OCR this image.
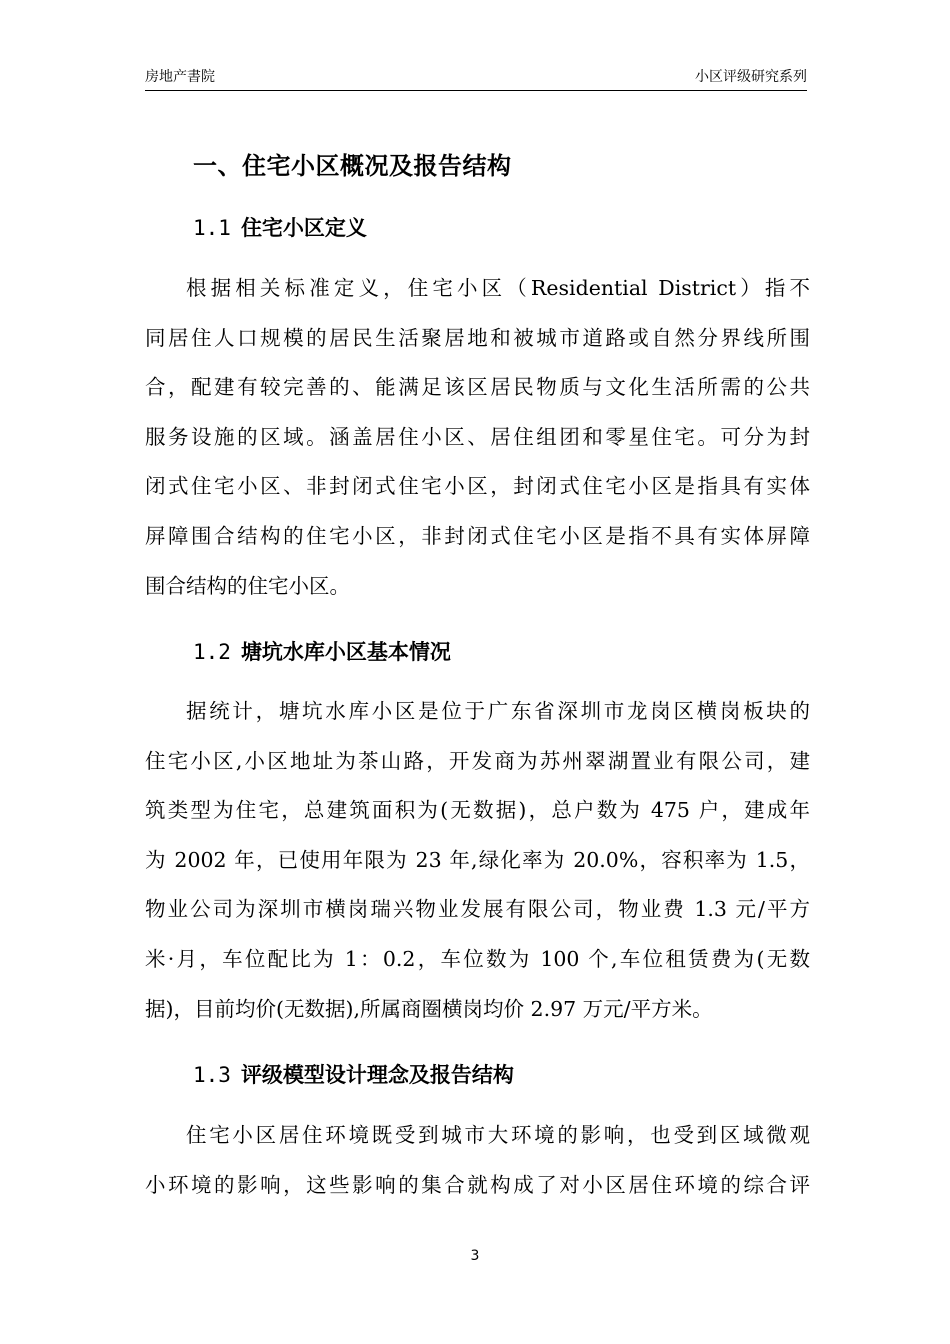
房地产書院	小区评级研究系列
一、住宅小区概况及报告结构
1.1 住宅小区定义
根据相关标准定义，住宅小区（Residential District）指不
同居住人口规模的居民生活聚居地和被城市道路或自然分界线所围
合，配建有较完善的、能满足该区居民物质与文化生活所需的公共
服务设施的区域。涵盖居住小区、居住组团和零星住宅。可分为封
闭式住宅小区、非封闭式住宅小区，封闭式住宅小区是指具有实体
屏障围合结构的住宅小区，非封闭式住宅小区是指不具有实体屏障
围合结构的住宅小区。
1.2 塘坑水库小区基本情况
据统计，塘坑水库小区是位于广东省深圳市龙岗区横岗板块的
住宅小区,小区地址为茶山路，开发商为苏州翠湖置业有限公司，建
筑类型为住宅，总建筑面积为(无数据)，总户数为 475 户，建成年
为 2002 年，已使用年限为 23 年,绿化率为 20.0%，容积率为 1.5，
物业公司为深圳市横岗瑞兴物业发展有限公司，物业费 1.3 元/平方
米·月，车位配比为 1：0.2，车位数为 100 个,车位租赁费为(无数
据)，目前均价(无数据),所属商圈横岗均价 2.97 万元/平方米。
1.3 评级模型设计理念及报告结构
住宅小区居住环境既受到城市大环境的影响，也受到区域微观
小环境的影响，这些影响的集合就构成了对小区居住环境的综合评
3
